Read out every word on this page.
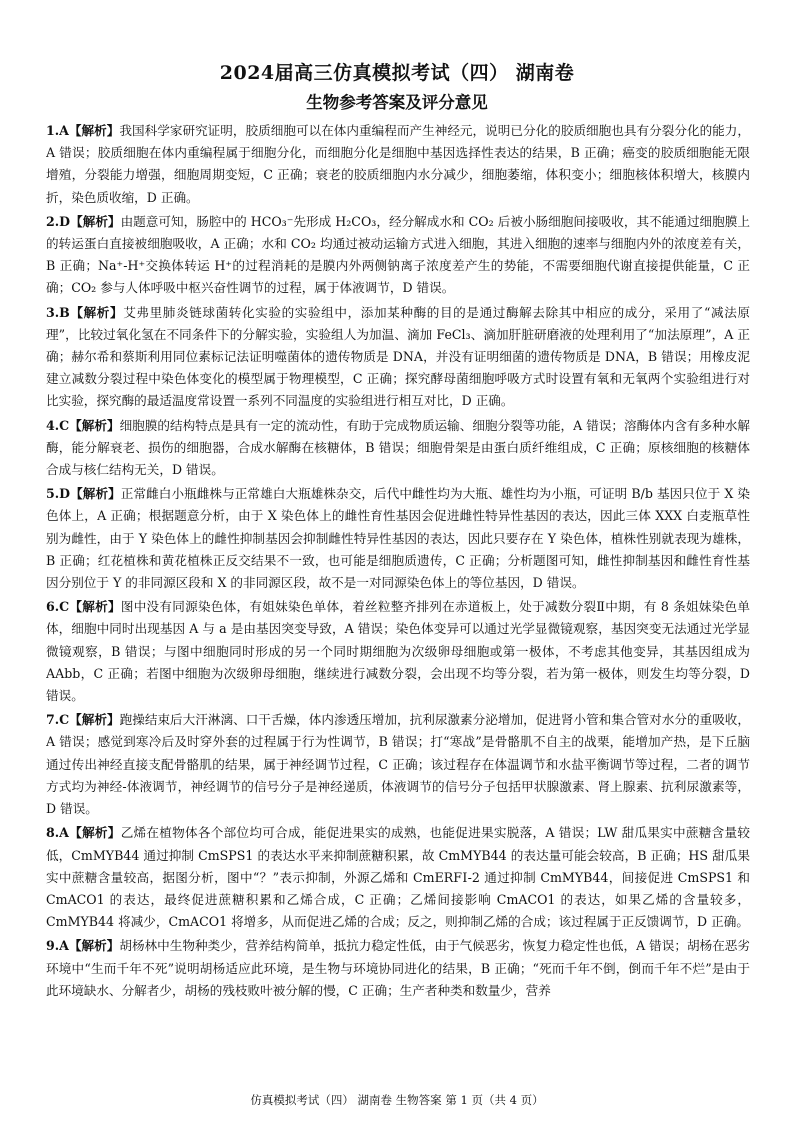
2024届高三仿真模拟考试（四） 湖南卷
生物参考答案及评分意见

1.A【解析】我国科学家研究证明，胶质细胞可以在体内重编程而产生神经元，说明已分化的胶质细胞也具有分裂分化的能力，A 错误；胶质细胞在体内重编程属于细胞分化，而细胞分化是细胞中基因选择性表达的结果，B 正确；癌变的胶质细胞能无限增殖，分裂能力增强，细胞周期变短，C 正确；衰老的胶质细胞内水分减少，细胞萎缩，体积变小；细胞核体积增大，核膜内折，染色质收缩，D 正确。

2.D【解析】由题意可知，肠腔中的 HCO₃⁻先形成 H₂CO₃，经分解成水和 CO₂ 后被小肠细胞间接吸收，其不能通过细胞膜上的转运蛋白直接被细胞吸收，A 正确；水和 CO₂ 均通过被动运输方式进入细胞，其进入细胞的速率与细胞内外的浓度差有关，B 正确；Na⁺-H⁺交换体转运 H⁺的过程消耗的是膜内外两侧钠离子浓度差产生的势能，不需要细胞代谢直接提供能量，C 正确；CO₂ 参与人体呼吸中枢兴奋性调节的过程，属于体液调节，D 错误。

3.B【解析】艾弗里肺炎链球菌转化实验的实验组中，添加某种酶的目的是通过酶解去除其中相应的成分，采用了“减法原理”，比较过氧化氢在不同条件下的分解实验，实验组人为加温、滴加 FeCl₃、滴加肝脏研磨液的处理利用了“加法原理”，A 正确；赫尔希和蔡斯利用同位素标记法证明噬菌体的遗传物质是 DNA，并没有证明细菌的遗传物质是 DNA，B 错误；用橡皮泥建立减数分裂过程中染色体变化的模型属于物理模型，C 正确；探究酵母菌细胞呼吸方式时设置有氧和无氧两个实验组进行对比实验，探究酶的最适温度常设置一系列不同温度的实验组进行相互对比，D 正确。

4.C【解析】细胞膜的结构特点是具有一定的流动性，有助于完成物质运输、细胞分裂等功能，A 错误；溶酶体内含有多种水解酶，能分解衰老、损伤的细胞器，合成水解酶在核糖体，B 错误；细胞骨架是由蛋白质纤维组成，C 正确；原核细胞的核糖体合成与核仁结构无关，D 错误。

5.D【解析】正常雌白小瓶雌株与正常雄白大瓶雄株杂交，后代中雌性均为大瓶、雄性均为小瓶，可证明 B/b 基因只位于 X 染色体上，A 正确；根据题意分析，由于 X 染色体上的雌性育性基因会促进雌性特异性基因的表达，因此三体 XXX 白麦瓶草性别为雌性，由于 Y 染色体上的雌性抑制基因会抑制雌性特异性基因的表达，因此只要存在 Y 染色体，植株性别就表现为雄株，B 正确；红花植株和黄花植株正反交结果不一致，也可能是细胞质遗传，C 正确；分析题图可知，雌性抑制基因和雌性育性基因分别位于 Y 的非同源区段和 X 的非同源区段，故不是一对同源染色体上的等位基因，D 错误。

6.C【解析】图中没有同源染色体，有姐妹染色单体，着丝粒整齐排列在赤道板上，处于减数分裂Ⅱ中期，有 8 条姐妹染色单体，细胞中同时出现基因 A 与 a 是由基因突变导致，A 错误；染色体变异可以通过光学显微镜观察，基因突变无法通过光学显微镜观察，B 错误；与图中细胞同时形成的另一个同时期细胞为次级卵母细胞或第一极体，不考虑其他变异，其基因组成为 AAbb，C 正确；若图中细胞为次级卵母细胞，继续进行减数分裂，会出现不均等分裂，若为第一极体，则发生均等分裂，D 错误。

7.C【解析】跑操结束后大汗淋漓、口干舌燥，体内渗透压增加，抗利尿激素分泌增加，促进肾小管和集合管对水分的重吸收，A 错误；感觉到寒冷后及时穿外套的过程属于行为性调节，B 错误；打“寒战”是骨骼肌不自主的战栗，能增加产热，是下丘脑通过传出神经直接支配骨骼肌的结果，属于神经调节过程，C 正确；该过程存在体温调节和水盐平衡调节等过程，二者的调节方式均为神经-体液调节，神经调节的信号分子是神经递质，体液调节的信号分子包括甲状腺激素、肾上腺素、抗利尿激素等，D 错误。

8.A【解析】乙烯在植物体各个部位均可合成，能促进果实的成熟，也能促进果实脱落，A 错误；LW 甜瓜果实中蔗糖含量较低，CmMYB44 通过抑制 CmSPS1 的表达水平来抑制蔗糖积累，故 CmMYB44 的表达量可能会较高，B 正确；HS 甜瓜果实中蔗糖含量较高，据图分析，图中“？”表示抑制，外源乙烯和 CmERFⅠ-2 通过抑制 CmMYB44，间接促进 CmSPS1 和 CmACO1 的表达，最终促进蔗糖积累和乙烯合成，C 正确；乙烯间接影响 CmACO1 的表达，如果乙烯的含量较多，CmMYB44 将减少，CmACO1 将增多，从而促进乙烯的合成；反之，则抑制乙烯的合成；该过程属于正反馈调节，D 正确。

9.A【解析】胡杨林中生物种类少，营养结构简单，抵抗力稳定性低，由于气候恶劣，恢复力稳定性也低，A 错误；胡杨在恶劣环境中“生而千年不死”说明胡杨适应此环境，是生物与环境协同进化的结果，B 正确；“死而千年不倒，倒而千年不烂”是由于此环境缺水、分解者少，胡杨的残枝败叶被分解的慢，C 正确；生产者种类和数量少，营养

仿真模拟考试（四） 湖南卷 生物答案 第 1 页（共 4 页）
